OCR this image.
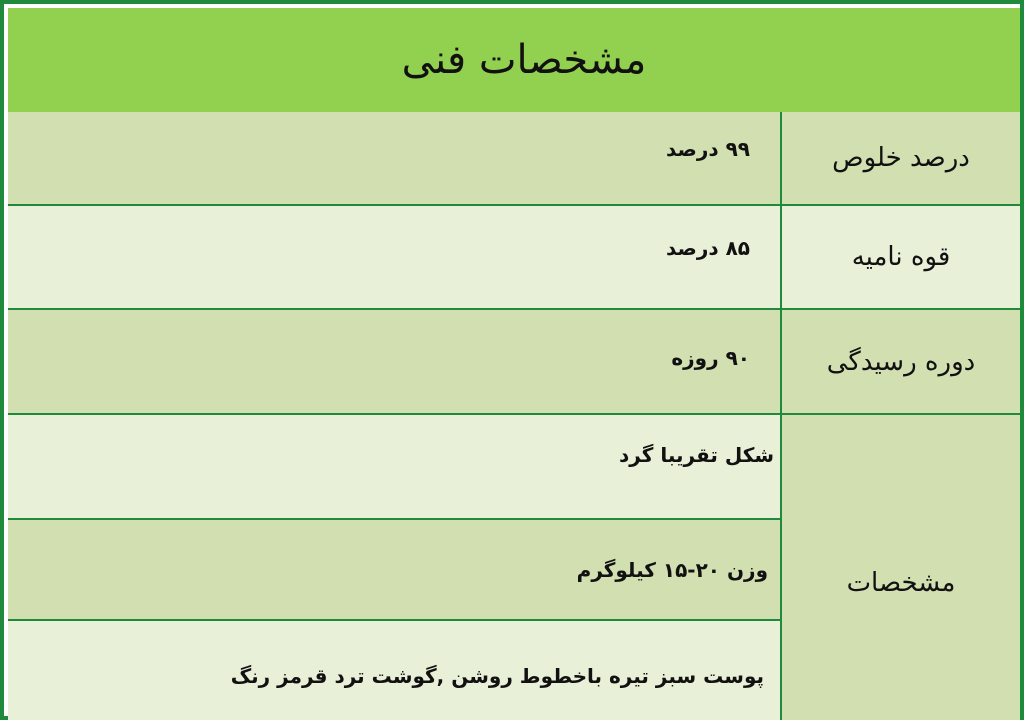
مشخصات فنی
درصد خلوص
۹۹ درصد
قوه نامیه
۸۵ درصد
دوره رسیدگی
۹۰ روزه
مشخصات
شکل تقریبا گرد
وزن ۲۰-۱۵ کیلوگرم
پوست سبز تیره باخطوط روشن ,گوشت ترد قرمز رنگ
